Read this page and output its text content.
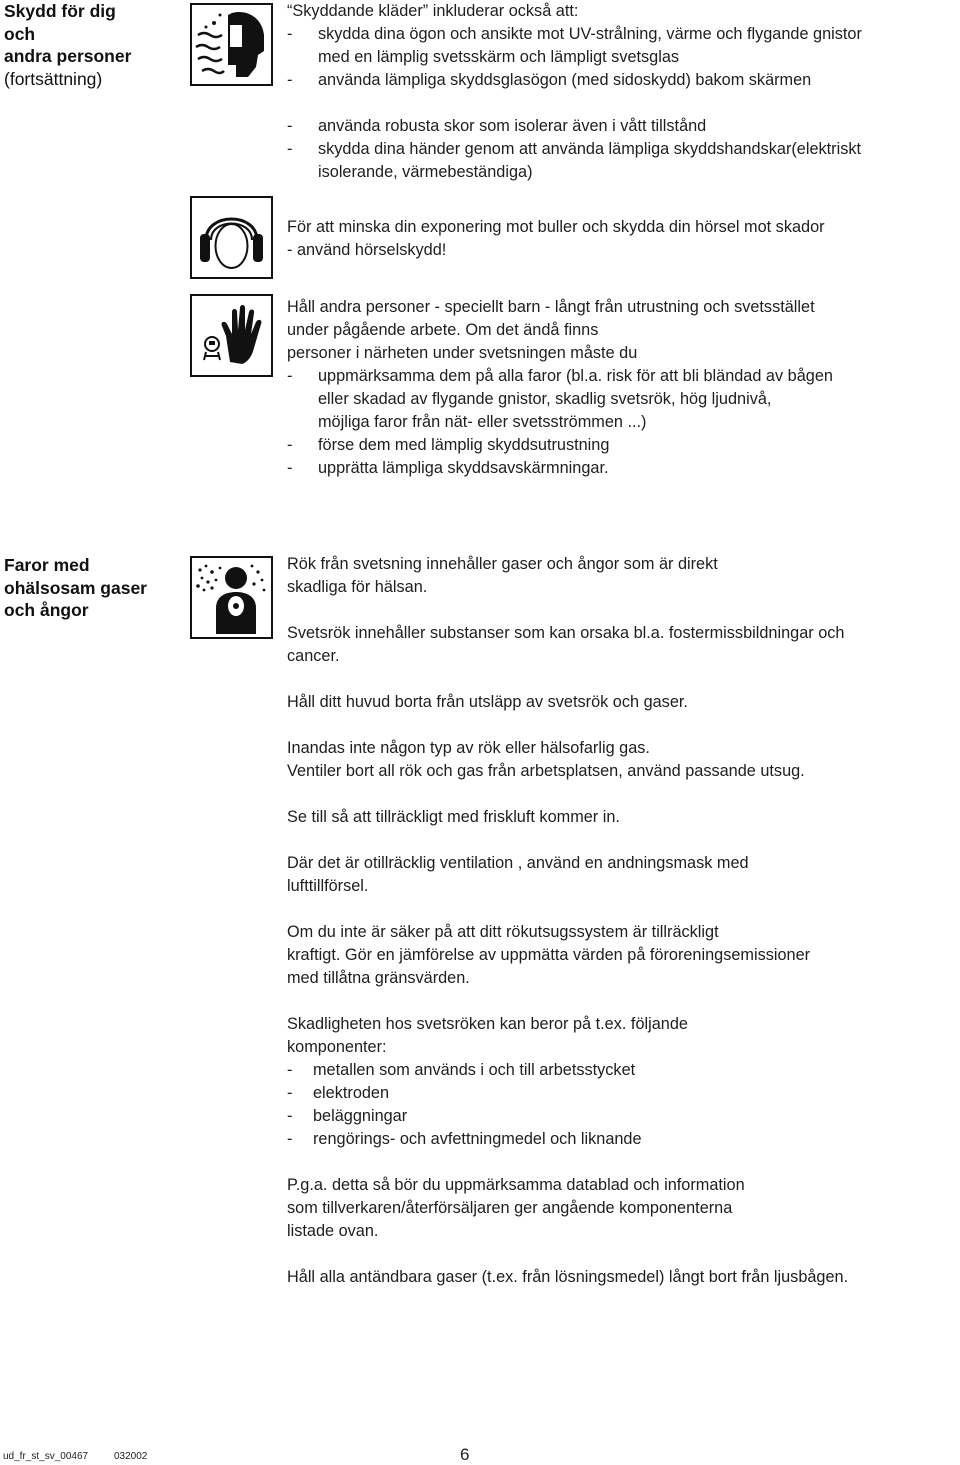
Skydd för dig
och
andra personer
(fortsättning)
“Skyddande kläder” inkluderar också att:
- skydda dina ögon och ansikte mot UV-strålning, värme och flygande gnistor
med en lämplig svetsskärm och lämpligt svetsglas
- använda lämpliga skyddsglasögon (med sidoskydd) bakom skärmen
- använda robusta skor som isolerar även i vått tillstånd
- skydda dina händer genom att använda lämpliga skyddshandskar(elektriskt
isolerande, värmebeständiga)
För att minska din exponering mot buller och skydda din hörsel mot skador
- använd hörselskydd!
Håll andra personer - speciellt barn - långt från utrustning och svetsstället
under pågående arbete. Om det ändå finns
personer i närheten under svetsningen måste du
- uppmärksamma dem på alla faror (bl.a. risk för att bli bländad av bågen
eller skadad av flygande gnistor, skadlig svetsrök, hög ljudnivå,
möjliga faror från nät- eller svetsströmmen ...)
- förse dem med lämplig skyddsutrustning
- upprätta lämpliga skyddsavskärmningar.
Faror med
ohälsosam gaser
och ångor
Rök från svetsning innehåller gaser och ångor som är direkt
skadliga för hälsan.
Svetsrök innehåller substanser som kan orsaka bl.a. fostermissbildningar och
cancer.
Håll ditt huvud borta från utsläpp av svetsrök och gaser.
Inandas inte någon typ av rök eller hälsofarlig gas.
Ventiler bort all rök och gas från arbetsplatsen, använd passande utsug.
Se till så att tillräckligt med friskluft kommer in.
Där det är otillräcklig ventilation , använd en andningsmask med
lufttillförsel.
Om du inte är säker på att ditt rökutsugssystem är tillräckligt
kraftigt. Gör en jämförelse av uppmätta värden på föroreningsemissioner
med tillåtna gränsvärden.
Skadligheten hos svetsröken kan beror på t.ex. följande
komponenter:
- metallen som används i och till arbetsstycket
- elektroden
- beläggningar
- rengörings- och avfettningmedel och liknande
P.g.a. detta så bör du uppmärksamma datablad och information
som tillverkaren/återförsäljaren ger angående komponenterna
listade ovan.
Håll alla antändbara gaser (t.ex. från lösningsmedel) långt bort från ljusbågen.
ud_fr_st_sv_00467	032002	6
